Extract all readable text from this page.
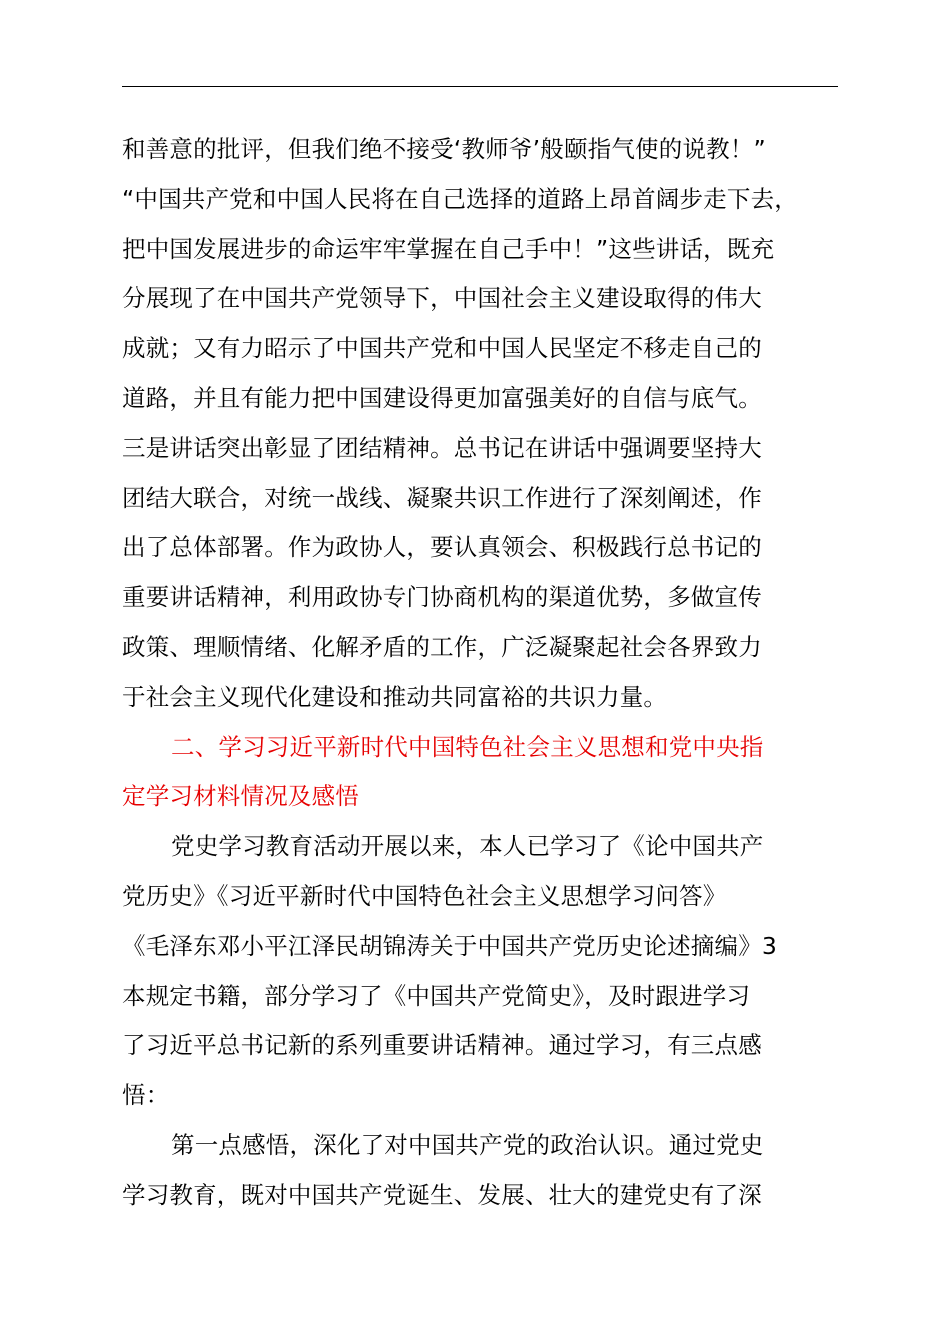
和善意的批评，但我们绝不接受‘教师爷’般颐指气使的说教！”
“中国共产党和中国人民将在自己选择的道路上昂首阔步走下去，
把中国发展进步的命运牢牢掌握在自己手中！”这些讲话，既充
分展现了在中国共产党领导下，中国社会主义建设取得的伟大
成就；又有力昭示了中国共产党和中国人民坚定不移走自己的
道路，并且有能力把中国建设得更加富强美好的自信与底气。
三是讲话突出彰显了团结精神。总书记在讲话中强调要坚持大
团结大联合，对统一战线、凝聚共识工作进行了深刻阐述，作
出了总体部署。作为政协人，要认真领会、积极践行总书记的
重要讲话精神，利用政协专门协商机构的渠道优势，多做宣传
政策、理顺情绪、化解矛盾的工作，广泛凝聚起社会各界致力
于社会主义现代化建设和推动共同富裕的共识力量。
二、学习习近平新时代中国特色社会主义思想和党中央指
定学习材料情况及感悟
党史学习教育活动开展以来，本人已学习了《论中国共产
党历史》《习近平新时代中国特色社会主义思想学习问答》
《毛泽东邓小平江泽民胡锦涛关于中国共产党历史论述摘编》3
本规定书籍，部分学习了《中国共产党简史》，及时跟进学习
了习近平总书记新的系列重要讲话精神。通过学习，有三点感
悟：
第一点感悟，深化了对中国共产党的政治认识。通过党史
学习教育，既对中国共产党诞生、发展、壮大的建党史有了深
